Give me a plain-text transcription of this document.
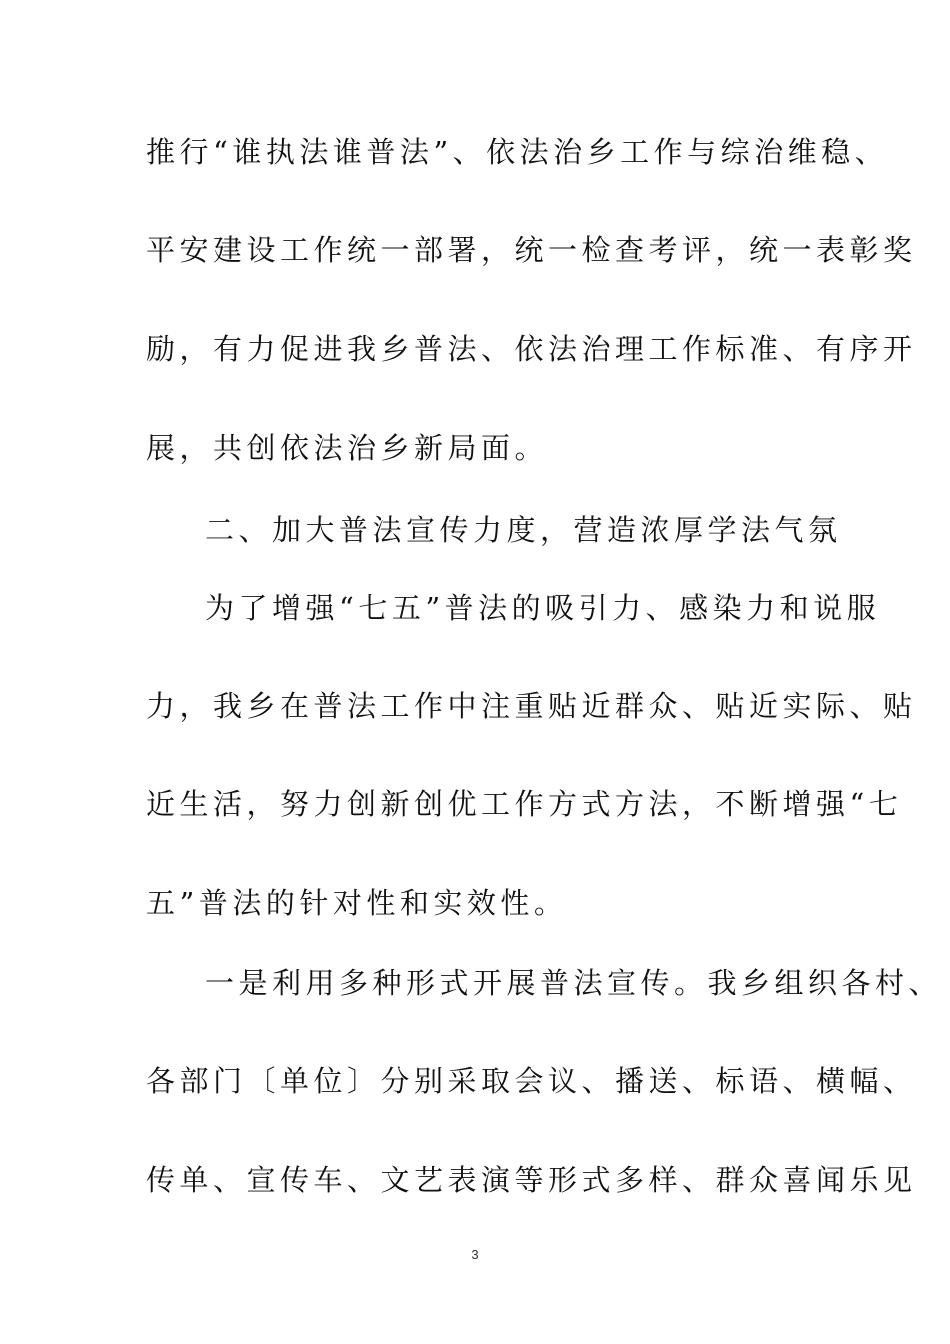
推行“谁执法谁普法”、依法治乡工作与综治维稳、
平安建设工作统一部署，统一检查考评，统一表彰奖
励，有力促进我乡普法、依法治理工作标准、有序开
展，共创依法治乡新局面。
二、加大普法宣传力度，营造浓厚学法气氛
为了增强“七五”普法的吸引力、感染力和说服
力，我乡在普法工作中注重贴近群众、贴近实际、贴
近生活，努力创新创优工作方式方法，不断增强“七
五”普法的针对性和实效性。
一是利用多种形式开展普法宣传。我乡组织各村、
各部门〔单位〕分别采取会议、播送、标语、横幅、
传单、宣传车、文艺表演等形式多样、群众喜闻乐见
3
